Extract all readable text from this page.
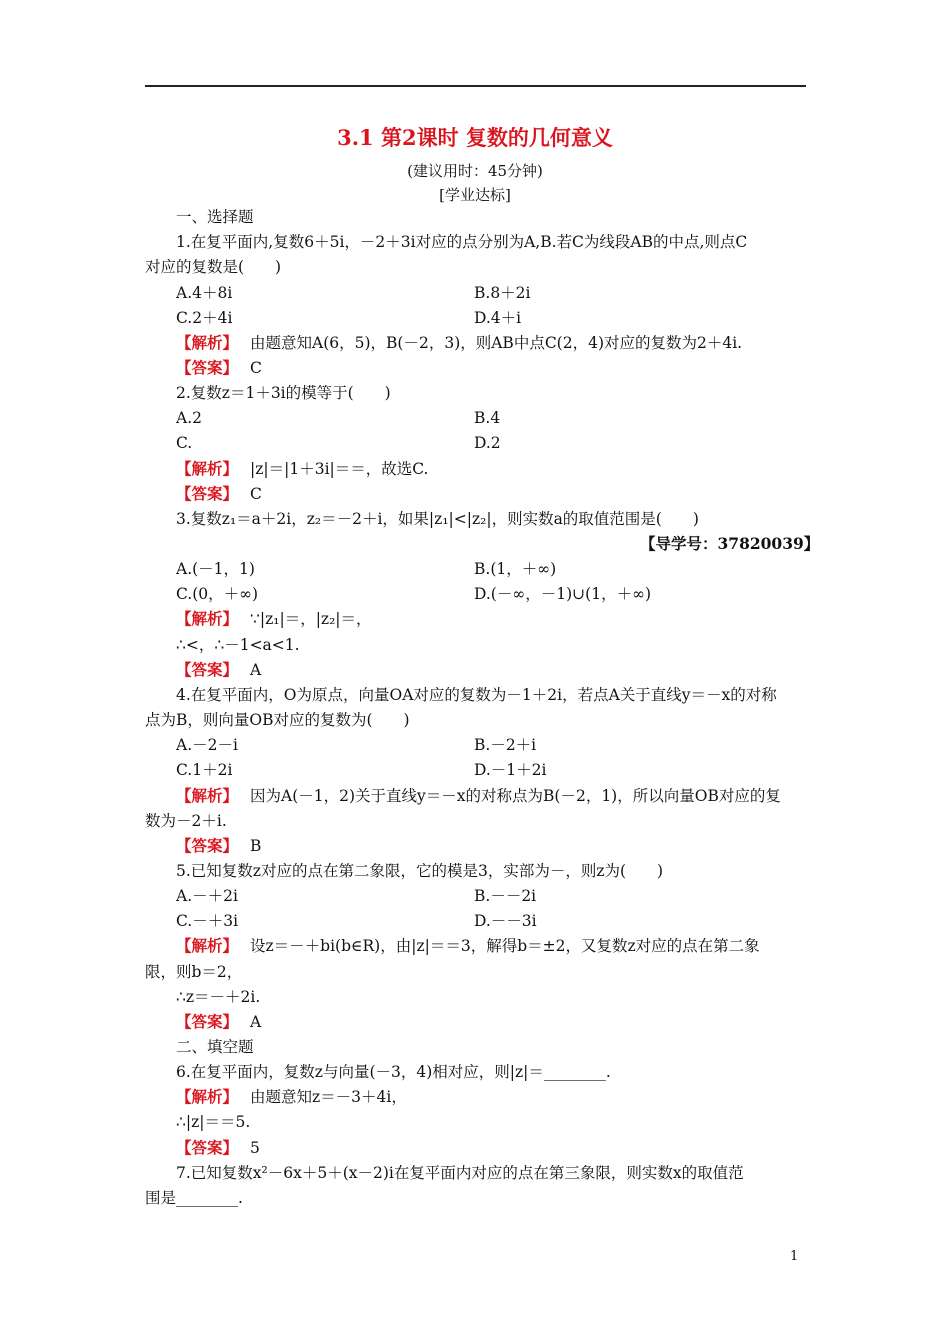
3.1 第2课时 复数的几何意义
(建议用时：45分钟)
[学业达标]
一、选择题
1.在复平面内,复数6＋5i，－2＋3i对应的点分别为A,B.若C为线段AB的中点,则点C
对应的复数是(　　)
A.4＋8i	B.8＋2i
C.2＋4i	D.4＋i
【解析】 由题意知A(6，5)，B(－2，3)，则AB中点C(2，4)对应的复数为2＋4i.
【答案】 C
2.复数z＝1＋3i的模等于(　　)
A.2	B.4
C.	D.2
【解析】 |z|＝|1＋3i|＝＝，故选C.
【答案】 C
3.复数z₁＝a＋2i，z₂＝－2＋i，如果|z₁|<|z₂|，则实数a的取值范围是(　　)
【导学号：37820039】
A.(－1，1)	B.(1，＋∞)
C.(0，＋∞)	D.(－∞，－1)∪(1，＋∞)
【解析】 ∵|z₁|＝，|z₂|＝，
∴<，∴－1<a<1.
【答案】 A
4.在复平面内，O为原点，向量OA对应的复数为－1＋2i，若点A关于直线y＝－x的对称
点为B，则向量OB对应的复数为(　　)
A.－2－i	B.－2＋i
C.1＋2i	D.－1＋2i
【解析】 因为A(－1，2)关于直线y＝－x的对称点为B(－2，1)，所以向量OB对应的复
数为－2＋i.
【答案】 B
5.已知复数z对应的点在第二象限，它的模是3，实部为－，则z为(　　)
A.－＋2i	B.－－2i
C.－＋3i	D.－－3i
【解析】 设z＝－＋bi(b∈R)，由|z|＝＝3，解得b＝±2，又复数z对应的点在第二象
限，则b＝2，
∴z＝－＋2i.
【答案】 A
二、填空题
6.在复平面内，复数z与向量(－3，4)相对应，则|z|＝________.
【解析】 由题意知z＝－3＋4i，
∴|z|＝＝5.
【答案】 5
7.已知复数x²－6x＋5＋(x－2)i在复平面内对应的点在第三象限，则实数x的取值范
围是________.
1
